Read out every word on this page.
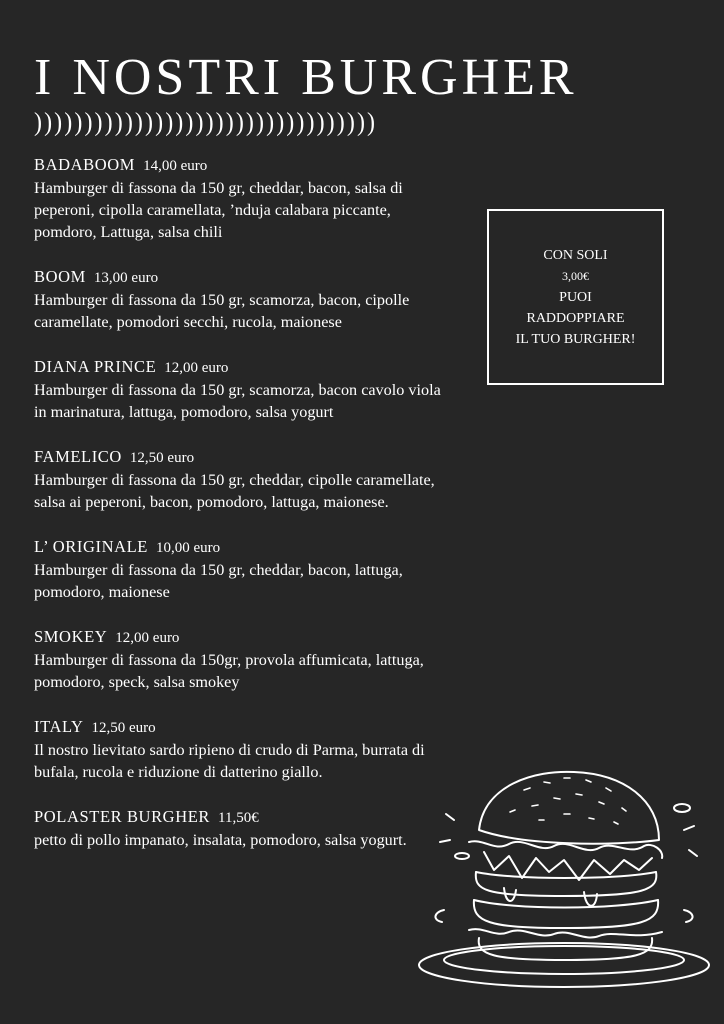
I NOSTRI BURGHER
))))))))))))))))))))))))))))))))))
BADABOOM 14,00 euro
Hamburger di fassona da 150 gr, cheddar, bacon, salsa di peperoni, cipolla caramellata, ’nduja calabara piccante, pomdoro, Lattuga, salsa chili
BOOM 13,00 euro
Hamburger di fassona da 150 gr, scamorza, bacon, cipolle caramellate, pomodori secchi, rucola, maionese
DIANA PRINCE 12,00 euro
Hamburger di fassona da 150 gr, scamorza, bacon cavolo viola in marinatura, lattuga, pomodoro, salsa yogurt
FAMELICO 12,50 euro
Hamburger di fassona da 150 gr, cheddar, cipolle caramellate, salsa ai peperoni, bacon, pomodoro, lattuga, maionese.
L’ ORIGINALE 10,00 euro
Hamburger di fassona da 150 gr, cheddar, bacon, lattuga, pomodoro, maionese
SMOKEY 12,00 euro
Hamburger di fassona da 150gr, provola affumicata, lattuga, pomodoro, speck, salsa smokey
ITALY 12,50 euro
Il nostro lievitato sardo ripieno di crudo di Parma, burrata di bufala, rucola e riduzione di datterino giallo.
POLASTER BURGHER 11,50€
petto di pollo impanato, insalata, pomodoro, salsa yogurt.
CON SOLI
3,00€
PUOI
RADDOPPIARE
IL TUO BURGHER!
